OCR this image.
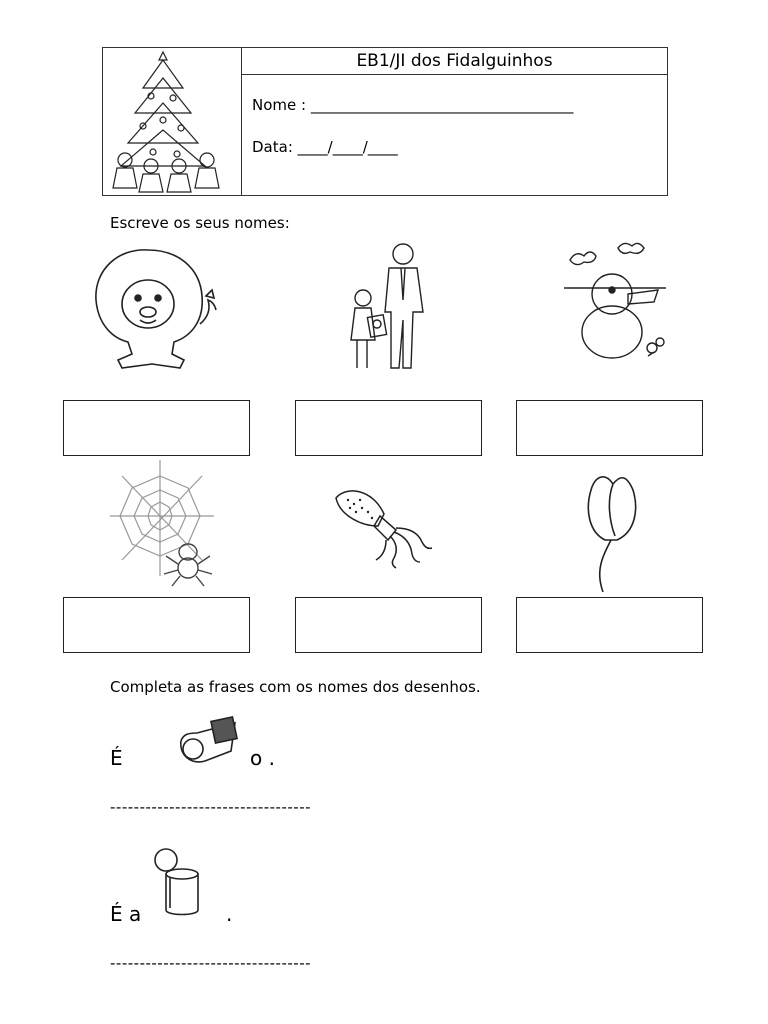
EB1/JI dos Fidalguinhos
Nome : ___________________________________
Data: ____/____/____
Escreve os seus nomes:
Completa as frases com os nomes dos desenhos.
É	o .
----------------------------------
É a	.
----------------------------------
